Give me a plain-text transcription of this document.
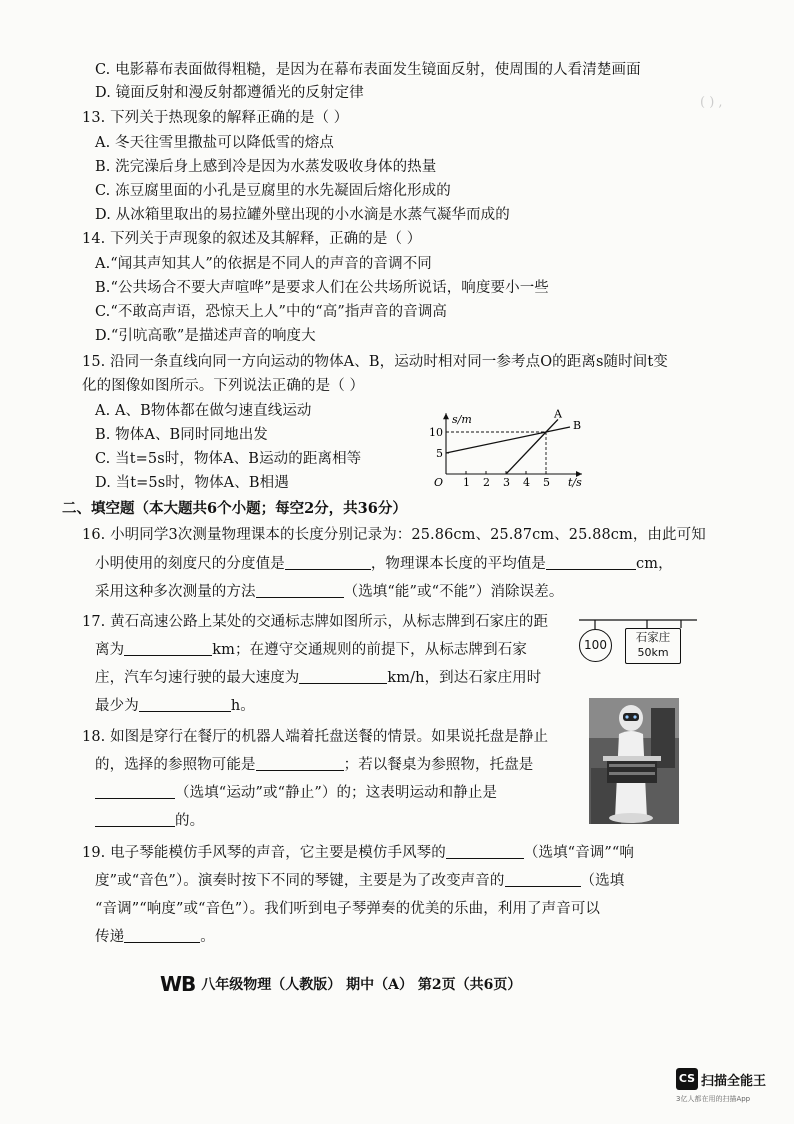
( ) ,
C. 电影幕布表面做得粗糙，是因为在幕布表面发生镜面反射，使周围的人看清楚画面
D. 镜面反射和漫反射都遵循光的反射定律
13. 下列关于热现象的解释正确的是（ ）
A. 冬天往雪里撒盐可以降低雪的熔点
B. 洗完澡后身上感到冷是因为水蒸发吸收身体的热量
C. 冻豆腐里面的小孔是豆腐里的水先凝固后熔化形成的
D. 从冰箱里取出的易拉罐外壁出现的小水滴是水蒸气凝华而成的
14. 下列关于声现象的叙述及其解释，正确的是（ ）
A.“闻其声知其人”的依据是不同人的声音的音调不同
B.“公共场合不要大声喧哗”是要求人们在公共场所说话，响度要小一些
C.“不敢高声语，恐惊天上人”中的“高”指声音的音调高
D.“引吭高歌”是描述声音的响度大
15. 沿同一条直线向同一方向运动的物体A、B，运动时相对同一参考点O的距离s随时间t变
化的图像如图所示。下列说法正确的是（ ）
A. A、B物体都在做匀速直线运动
B. 物体A、B同时同地出发
C. 当t=5s时，物体A、B运动的距离相等
D. 当t=5s时，物体A、B相遇
s/m
t/s
O 1 2 3 4 5
5
10
A
B
二、填空题（本大题共6个小题；每空2分，共36分）
16. 小明同学3次测量物理课本的长度分别记录为：25.86cm、25.87cm、25.88cm，由此可知
小明使用的刻度尺的分度值是	，物理课本长度的平均值是	cm，
采用这种多次测量的方法	（选填“能”或“不能”）消除误差。
17. 黄石高速公路上某处的交通标志牌如图所示，从标志牌到石家庄的距
离为	km；在遵守交通规则的前提下，从标志牌到石家
庄，汽车匀速行驶的最大速度为	km/h，到达石家庄用时
最少为	h。
100
石家庄
50km
18. 如图是穿行在餐厅的机器人端着托盘送餐的情景。如果说托盘是静止
的，选择的参照物可能是	；若以餐桌为参照物，托盘是
（选填“运动”或“静止”）的；这表明运动和静止是
的。
19. 电子琴能模仿手风琴的声音，它主要是模仿手风琴的	（选填“音调”“响
度”或“音色”）。演奏时按下不同的琴键，主要是为了改变声音的	（选填
“音调”“响度”或“音色”）。我们听到电子琴弹奏的优美的乐曲，利用了声音可以
传递	。
WB 八年级物理（人教版） 期中（A） 第2页（共6页）
CS 扫描全能王
3亿人都在用的扫描App
